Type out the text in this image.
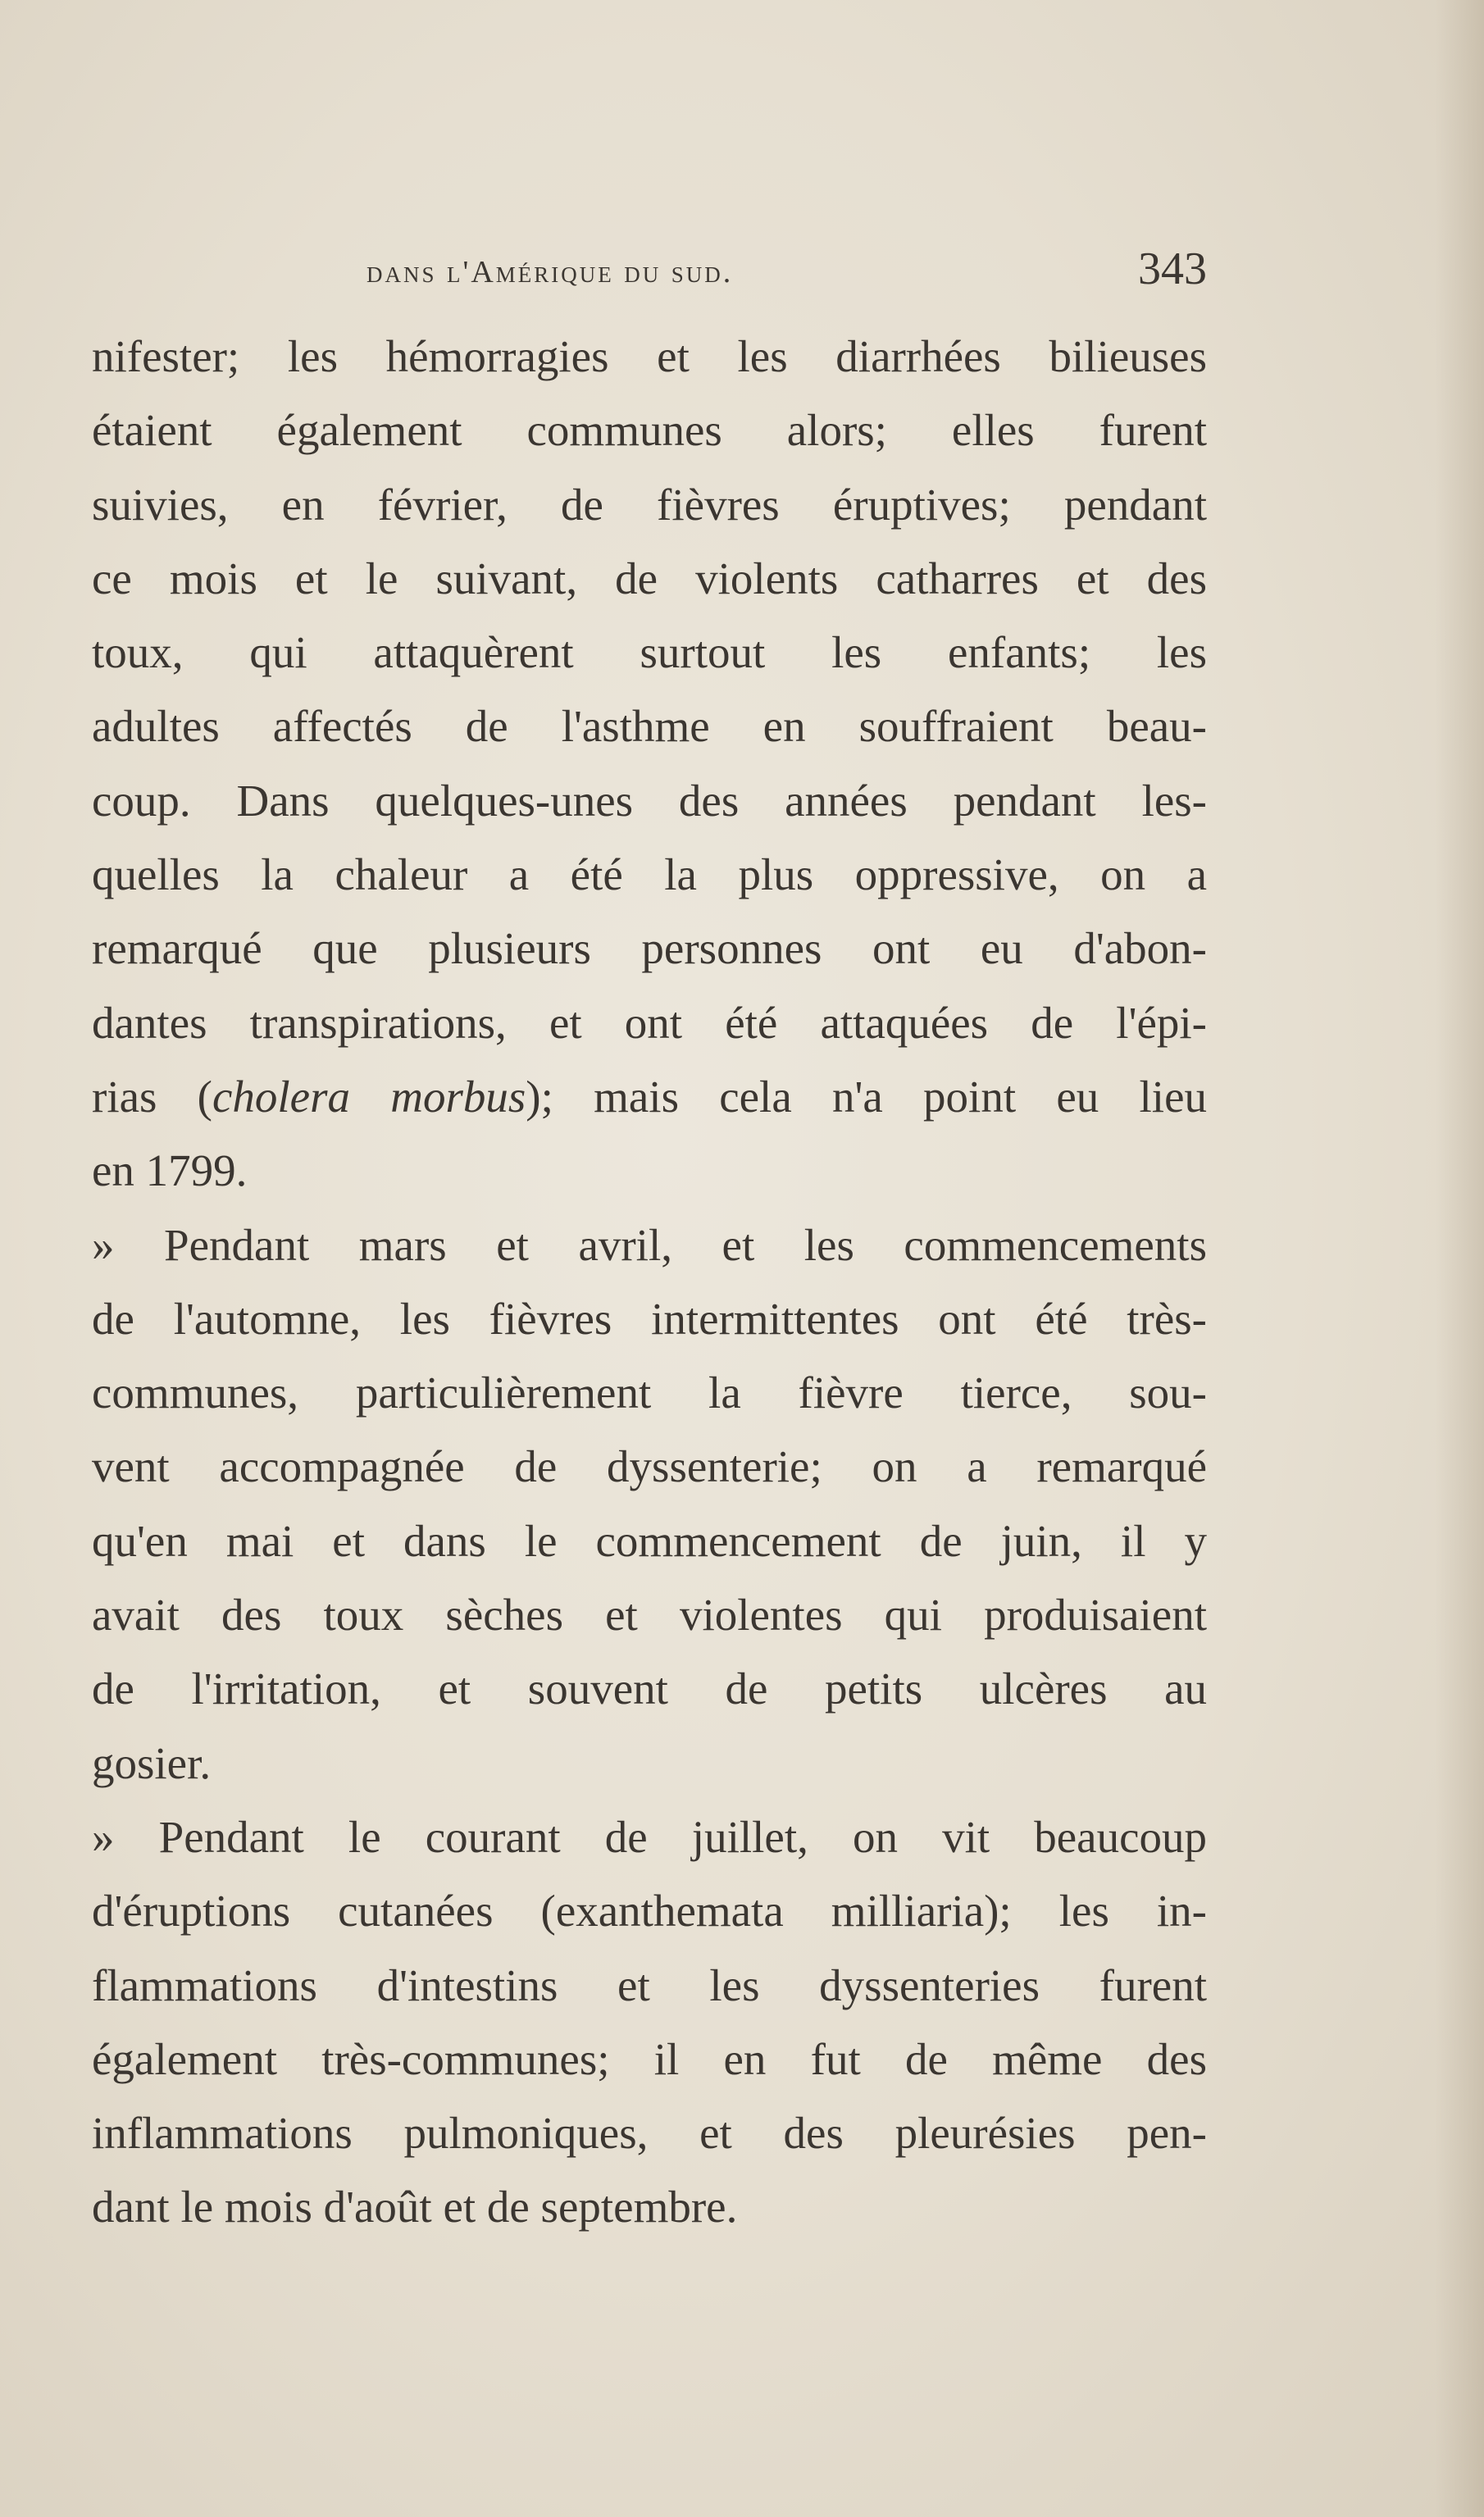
dans l'Amérique du sud.	343
nifester; les hémorragies et les diarrhées bilieuses
étaient également communes alors; elles furent
suivies, en février, de fièvres éruptives; pendant
ce mois et le suivant, de violents catharres et des
toux, qui attaquèrent surtout les enfants; les
adultes affectés de l'asthme en souffraient beau-
coup. Dans quelques-unes des années pendant les-
quelles la chaleur a été la plus oppressive, on a
remarqué que plusieurs personnes ont eu d'abon-
dantes transpirations, et ont été attaquées de l'épi-
rias (cholera morbus); mais cela n'a point eu lieu
en 1799.
» Pendant mars et avril, et les commencements
de l'automne, les fièvres intermittentes ont été très-
communes, particulièrement la fièvre tierce, sou-
vent accompagnée de dyssenterie; on a remarqué
qu'en mai et dans le commencement de juin, il y
avait des toux sèches et violentes qui produisaient
de l'irritation, et souvent de petits ulcères au
gosier.
» Pendant le courant de juillet, on vit beaucoup
d'éruptions cutanées (exanthemata milliaria); les in-
flammations d'intestins et les dyssenteries furent
également très-communes; il en fut de même des
inflammations pulmoniques, et des pleurésies pen-
dant le mois d'août et de septembre.
